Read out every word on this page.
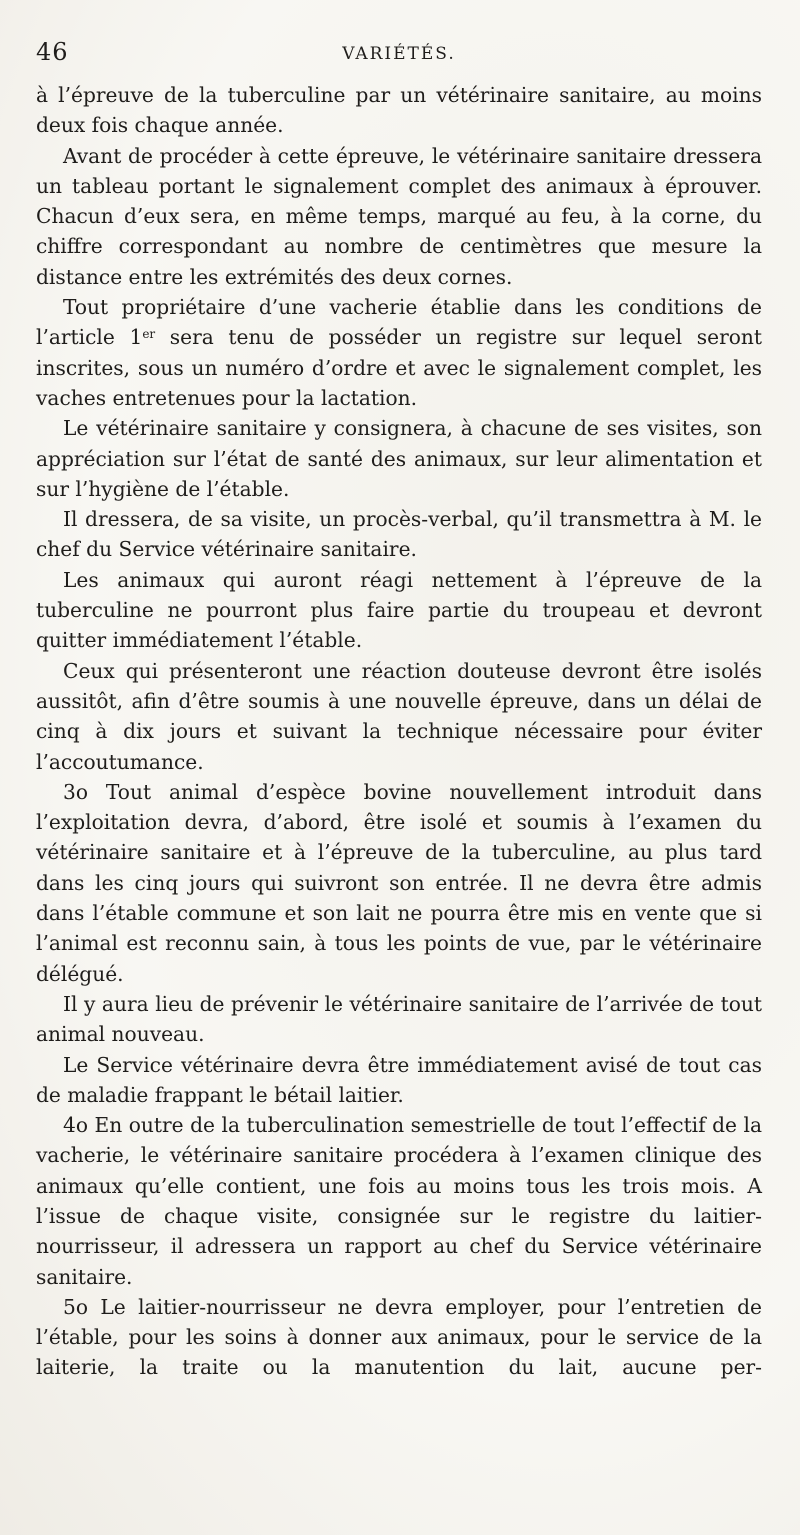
46	VARIÉTÉS.

à l’épreuve de la tuberculine par un vétérinaire sanitaire, au moins deux fois chaque année.

Avant de procéder à cette épreuve, le vétérinaire sanitaire dressera un tableau portant le signalement complet des animaux à éprouver. Chacun d’eux sera, en même temps, marqué au feu, à la corne, du chiffre correspondant au nombre de centimètres que mesure la distance entre les extrémités des deux cornes.

Tout propriétaire d’une vacherie établie dans les conditions de l’article 1er sera tenu de posséder un registre sur lequel seront inscrites, sous un numéro d’ordre et avec le signalement complet, les vaches entretenues pour la lactation.

Le vétérinaire sanitaire y consignera, à chacune de ses visites, son appréciation sur l’état de santé des animaux, sur leur alimentation et sur l’hygiène de l’étable.

Il dressera, de sa visite, un procès-verbal, qu’il transmettra à M. le chef du Service vétérinaire sanitaire.

Les animaux qui auront réagi nettement à l’épreuve de la tuberculine ne pourront plus faire partie du troupeau et devront quitter immédiatement l’étable.

Ceux qui présenteront une réaction douteuse devront être isolés aussitôt, afin d’être soumis à une nouvelle épreuve, dans un délai de cinq à dix jours et suivant la technique nécessaire pour éviter l’accoutumance.

3o Tout animal d’espèce bovine nouvellement introduit dans l’exploitation devra, d’abord, être isolé et soumis à l’examen du vétérinaire sanitaire et à l’épreuve de la tuberculine, au plus tard dans les cinq jours qui suivront son entrée. Il ne devra être admis dans l’étable commune et son lait ne pourra être mis en vente que si l’animal est reconnu sain, à tous les points de vue, par le vétérinaire délégué.

Il y aura lieu de prévenir le vétérinaire sanitaire de l’arrivée de tout animal nouveau.

Le Service vétérinaire devra être immédiatement avisé de tout cas de maladie frappant le bétail laitier.

4o En outre de la tuberculination semestrielle de tout l’effectif de la vacherie, le vétérinaire sanitaire procédera à l’examen clinique des animaux qu’elle contient, une fois au moins tous les trois mois. A l’issue de chaque visite, consignée sur le registre du laitier-nourrisseur, il adressera un rapport au chef du Service vétérinaire sanitaire.

5o Le laitier-nourrisseur ne devra employer, pour l’entretien de l’étable, pour les soins à donner aux animaux, pour le service de la laiterie, la traite ou la manutention du lait, aucune per-
